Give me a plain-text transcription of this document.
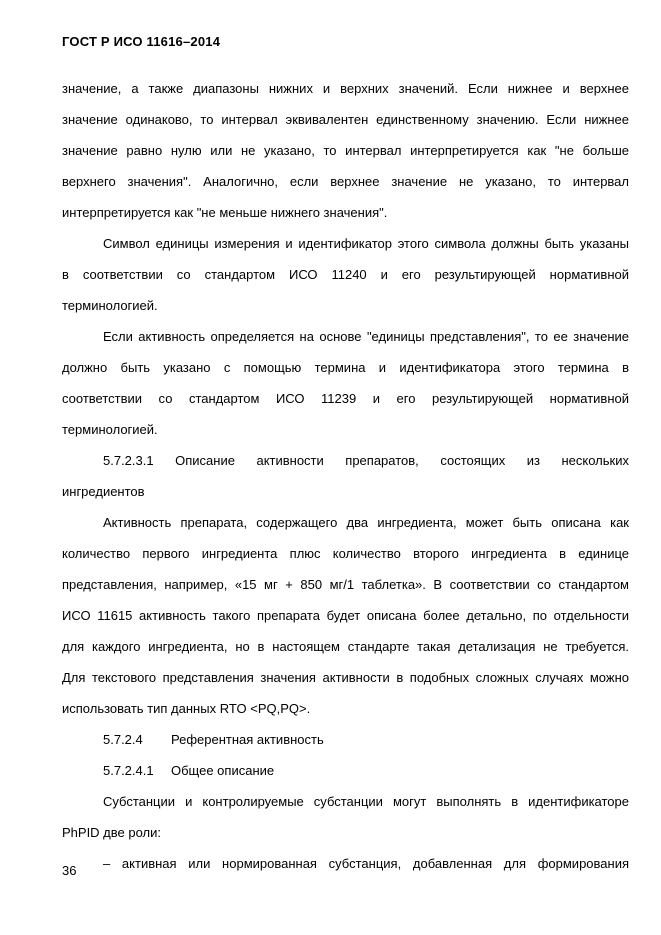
ГОСТ Р ИСО 11616–2014
значение, а также диапазоны нижних и верхних значений. Если нижнее и верхнее
значение одинаково, то интервал эквивалентен единственному значению. Если нижнее
значение равно нулю или не указано, то интервал интерпретируется как "не больше
верхнего значения". Аналогично, если верхнее значение не указано, то интервал
интерпретируется как "не меньше нижнего значения".
Символ единицы измерения и идентификатор этого символа должны быть указаны
в соответствии со стандартом ИСО 11240 и его результирующей нормативной
терминологией.
Если активность определяется на основе "единицы представления", то ее значение
должно быть указано с помощью термина и идентификатора этого термина в
соответствии со стандартом ИСО 11239 и его результирующей нормативной
терминологией.
5.7.2.3.1 Описание активности препаратов, состоящих из нескольких
ингредиентов
Активность препарата, содержащего два ингредиента, может быть описана как
количество первого ингредиента плюс количество второго ингредиента в единице
представления, например, «15 мг + 850 мг/1 таблетка». В соответствии со стандартом
ИСО 11615 активность такого препарата будет описана более детально, по отдельности
для каждого ингредиента, но в настоящем стандарте такая детализация не требуется.
Для текстового представления значения активности в подобных сложных случаях можно
использовать тип данных RTO <PQ,PQ>.
5.7.2.4 Референтная активность
5.7.2.4.1 Общее описание
Субстанции и контролируемые субстанции могут выполнять в идентификаторе
PhPID две роли:
– активная или нормированная субстанция, добавленная для формирования
36
